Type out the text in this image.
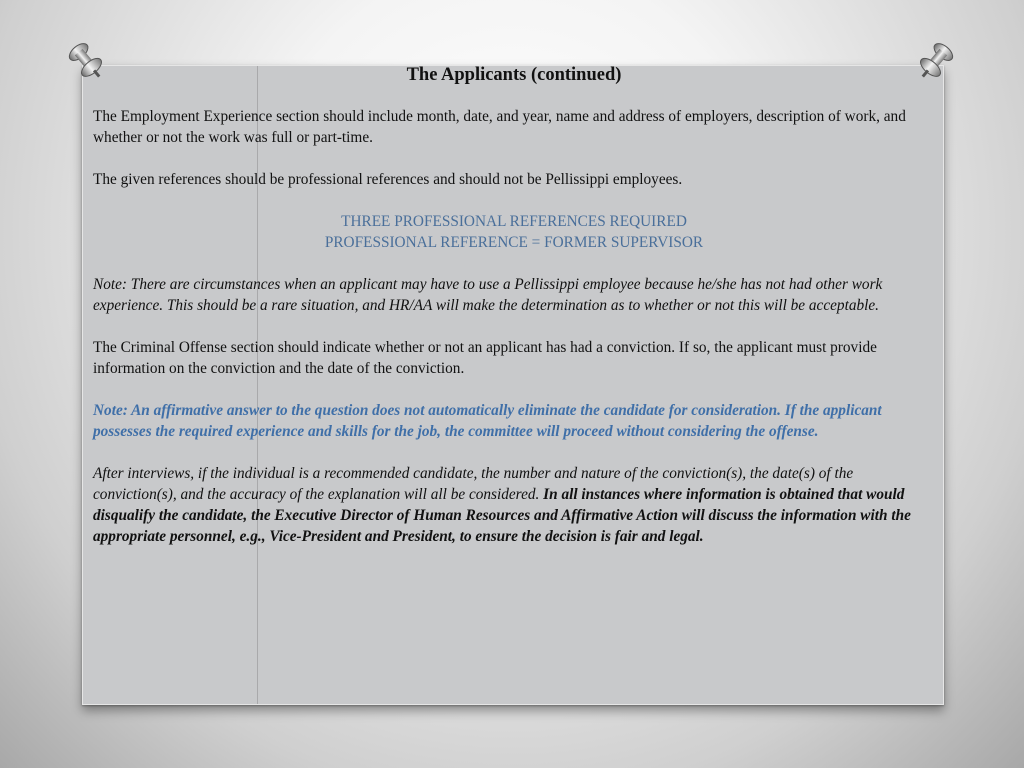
The Applicants (continued)

The Employment Experience section should include month, date, and year, name and address of employers, description of work, and whether or not the work was full or part-time.

The given references should be professional references and should not be Pellissippi employees.

THREE PROFESSIONAL REFERENCES REQUIRED
PROFESSIONAL REFERENCE = FORMER SUPERVISOR

Note: There are circumstances when an applicant may have to use a Pellissippi employee because he/she has not had other work experience. This should be a rare situation, and HR/AA will make the determination as to whether or not this will be acceptable.

The Criminal Offense section should indicate whether or not an applicant has had a conviction. If so, the applicant must provide information on the conviction and the date of the conviction.

Note: An affirmative answer to the question does not automatically eliminate the candidate for consideration. If the applicant possesses the required experience and skills for the job, the committee will proceed without considering the offense.

After interviews, if the individual is a recommended candidate, the number and nature of the conviction(s), the date(s) of the conviction(s), and the accuracy of the explanation will all be considered. In all instances where information is obtained that would disqualify the candidate, the Executive Director of Human Resources and Affirmative Action will discuss the information with the appropriate personnel, e.g., Vice-President and President, to ensure the decision is fair and legal.
